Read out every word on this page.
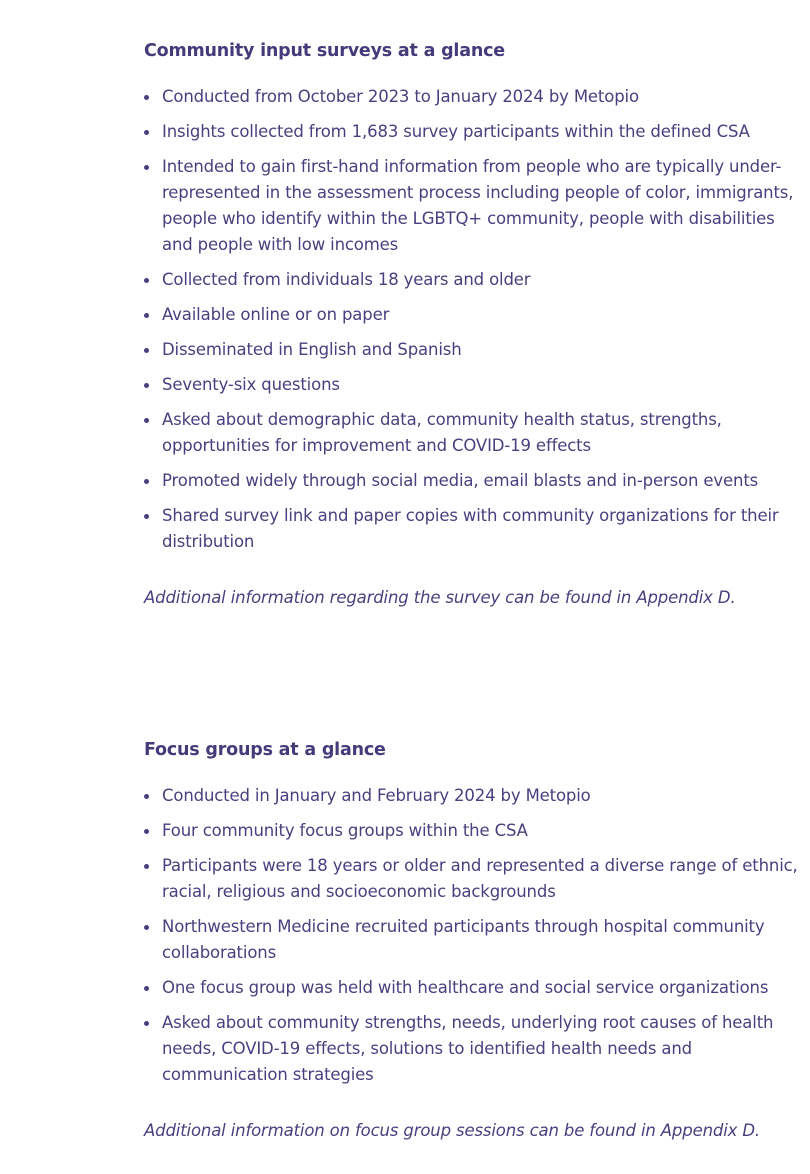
Community input surveys at a glance
Conducted from October 2023 to January 2024 by Metopio
Insights collected from 1,683 survey participants within the defined CSA
Intended to gain first-hand information from people who are typically under-represented in the assessment process including people of color, immigrants, people who identify within the LGBTQ+ community, people with disabilities and people with low incomes
Collected from individuals 18 years and older
Available online or on paper
Disseminated in English and Spanish
Seventy-six questions
Asked about demographic data, community health status, strengths, opportunities for improvement and COVID-19 effects
Promoted widely through social media, email blasts and in-person events
Shared survey link and paper copies with community organizations for their distribution

Additional information regarding the survey can be found in Appendix D.

Focus groups at a glance
Conducted in January and February 2024 by Metopio
Four community focus groups within the CSA
Participants were 18 years or older and represented a diverse range of ethnic, racial, religious and socioeconomic backgrounds
Northwestern Medicine recruited participants through hospital community collaborations
One focus group was held with healthcare and social service organizations
Asked about community strengths, needs, underlying root causes of health needs, COVID-19 effects, solutions to identified health needs and communication strategies

Additional information on focus group sessions can be found in Appendix D.
